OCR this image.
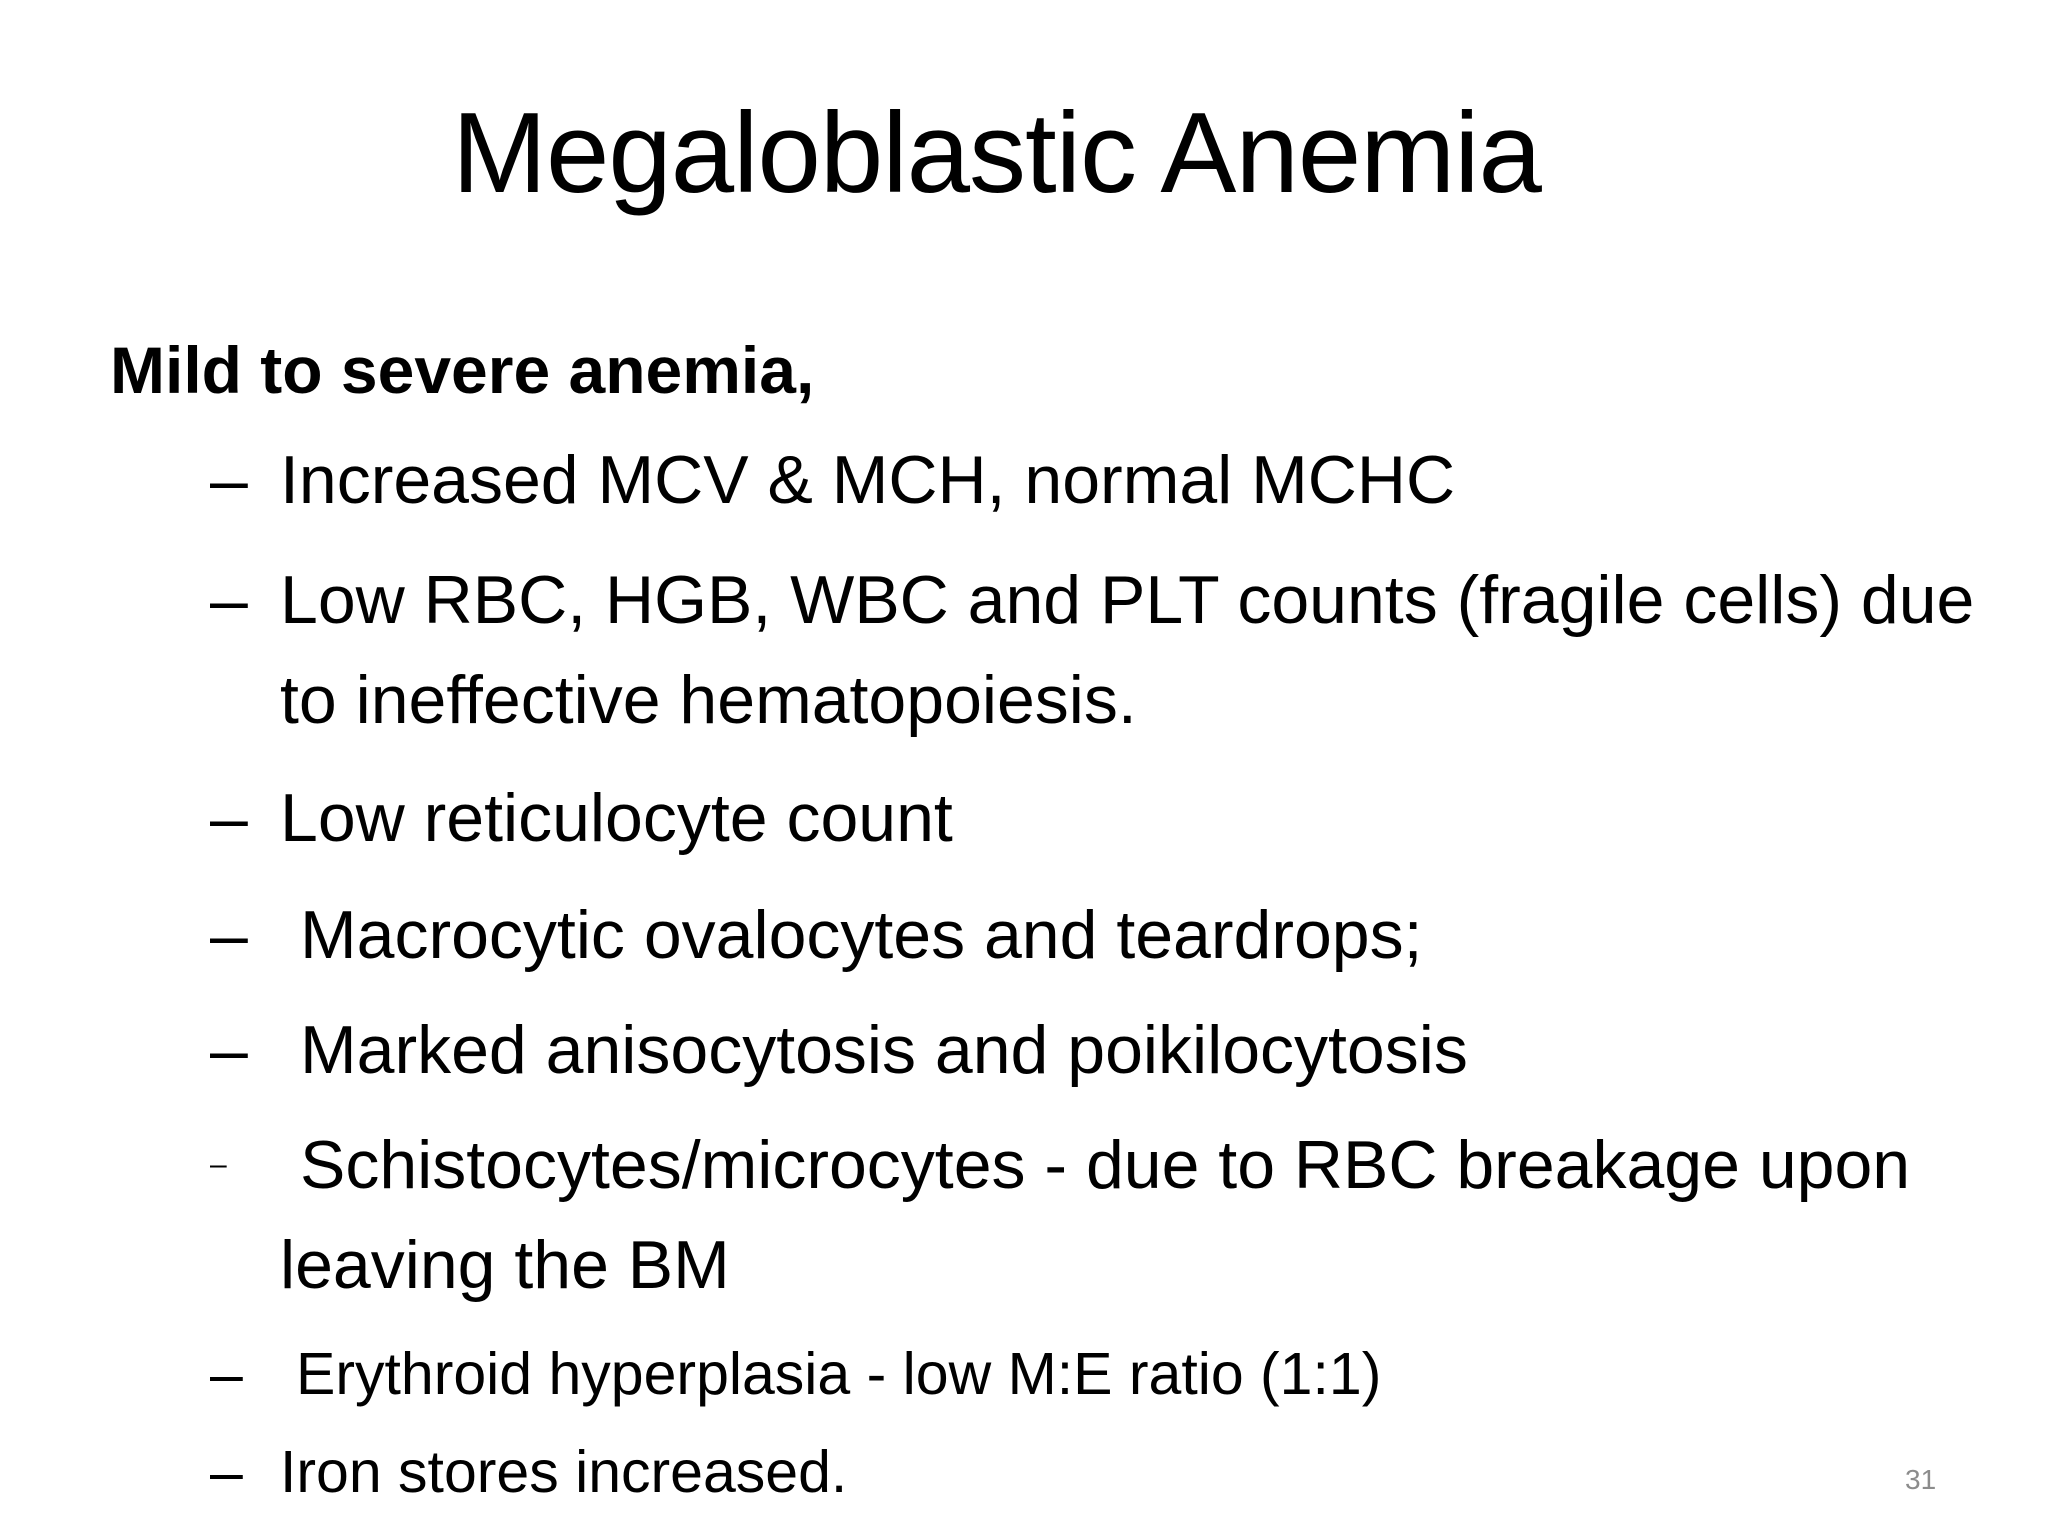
Megaloblastic Anemia
Mild to severe anemia,
– Increased MCV & MCH, normal MCHC
– Low RBC, HGB, WBC and PLT counts (fragile cells) due
to ineffective hematopoiesis.
– Low reticulocyte count
– Macrocytic ovalocytes and teardrops;
– Marked anisocytosis and poikilocytosis
– Schistocytes/microcytes - due to RBC breakage upon
leaving the BM
– Erythroid hyperplasia - low M:E ratio (1:1)
– Iron stores increased.	31
